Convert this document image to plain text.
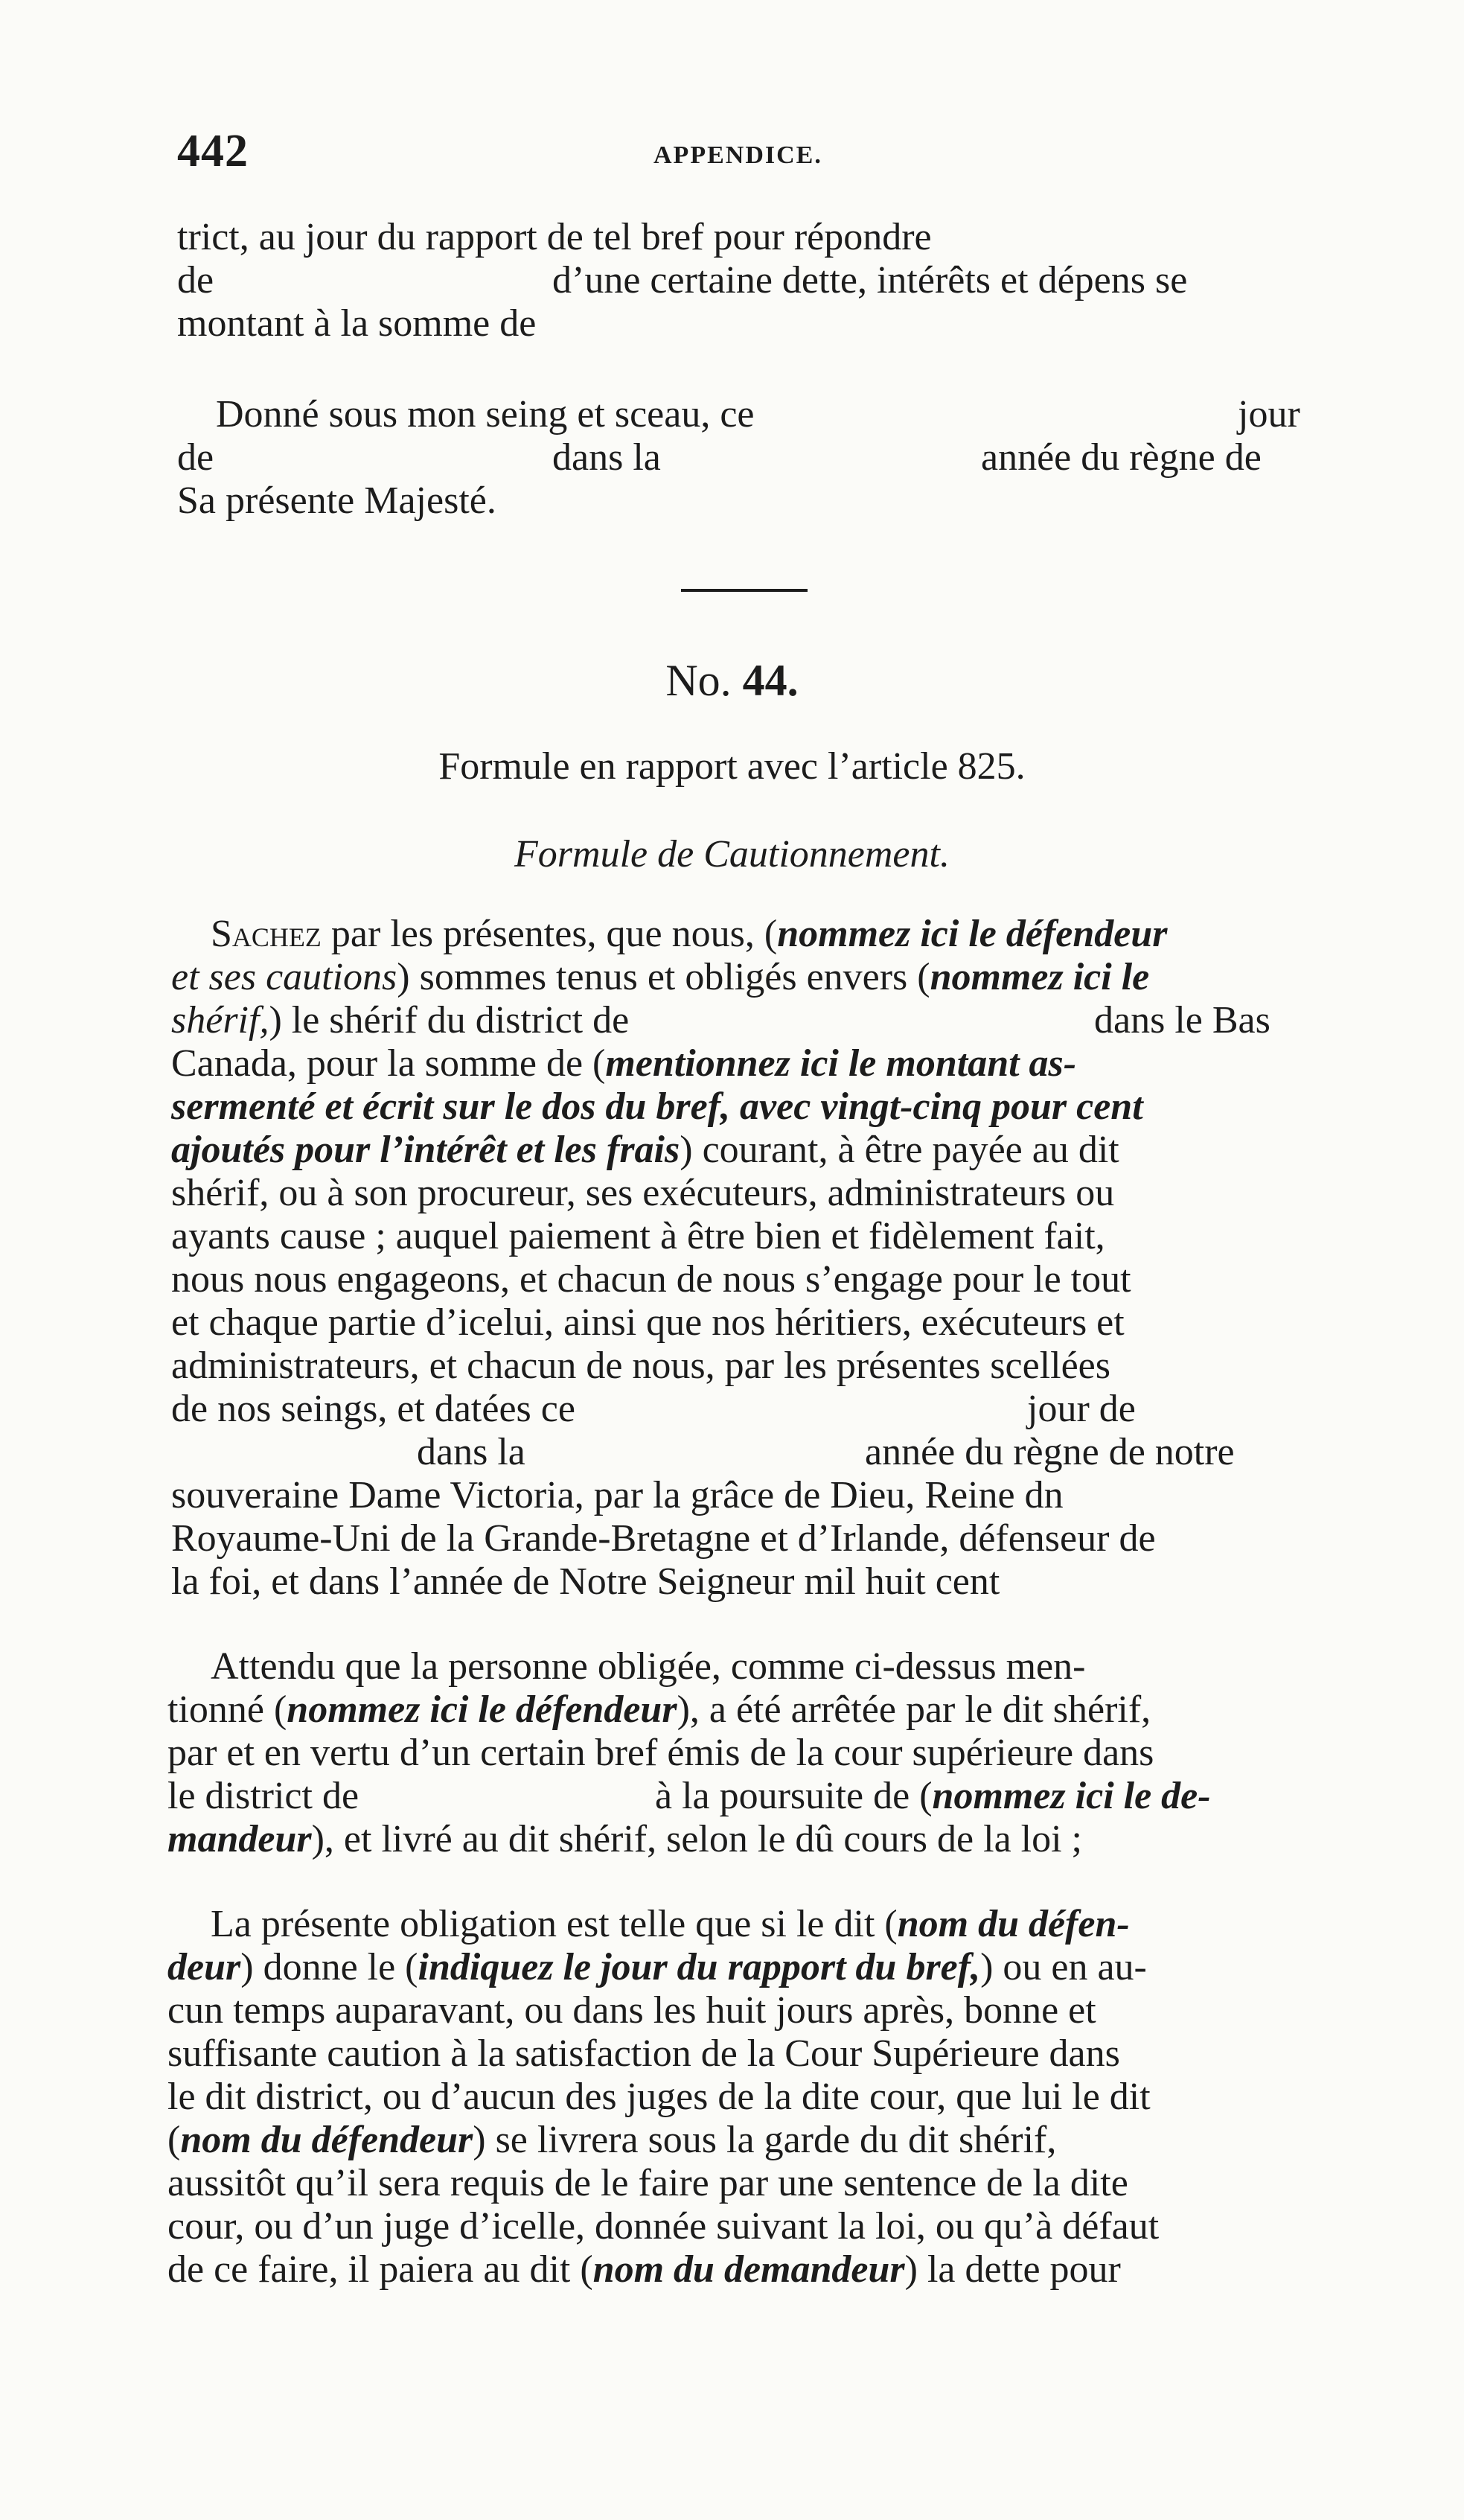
442	APPENDICE.
trict, au jour du rapport de tel bref pour répondre
de	d’une certaine dette, intérêts et dépens se
montant à la somme de
Donné sous mon seing et sceau, ce	jour
de	dans la	année du règne de
Sa présente Majesté.
No. 44.
Formule en rapport avec l’article 825.
Formule de Cautionnement.
Sachez par les présentes, que nous, (nommez ici le défendeur
et ses cautions) sommes tenus et obligés envers (nommez ici le
shérif,) le shérif du district de	dans le Bas
Canada, pour la somme de (mentionnez ici le montant as-
sermenté et écrit sur le dos du bref, avec vingt-cinq pour cent
ajoutés pour l’intérêt et les frais) courant, à être payée au dit
shérif, ou à son procureur, ses exécuteurs, administrateurs ou
ayants cause ; auquel paiement à être bien et fidèlement fait,
nous nous engageons, et chacun de nous s’engage pour le tout
et chaque partie d’icelui, ainsi que nos héritiers, exécuteurs et
administrateurs, et chacun de nous, par les présentes scellées
de nos seings, et datées ce	jour de
dans la	année du règne de notre
souveraine Dame Victoria, par la grâce de Dieu, Reine dn
Royaume-Uni de la Grande-Bretagne et d’Irlande, défenseur de
la foi, et dans l’année de Notre Seigneur mil huit cent
Attendu que la personne obligée, comme ci-dessus men-
tionné (nommez ici le défendeur), a été arrêtée par le dit shérif,
par et en vertu d’un certain bref émis de la cour supérieure dans
le district de	à la poursuite de (nommez ici le de-
mandeur), et livré au dit shérif, selon le dû cours de la loi ;
La présente obligation est telle que si le dit (nom du défen-
deur) donne le (indiquez le jour du rapport du bref,) ou en au-
cun temps auparavant, ou dans les huit jours après, bonne et
suffisante caution à la satisfaction de la Cour Supérieure dans
le dit district, ou d’aucun des juges de la dite cour, que lui le dit
(nom du défendeur) se livrera sous la garde du dit shérif,
aussitôt qu’il sera requis de le faire par une sentence de la dite
cour, ou d’un juge d’icelle, donnée suivant la loi, ou qu’à défaut
de ce faire, il paiera au dit (nom du demandeur) la dette pour
